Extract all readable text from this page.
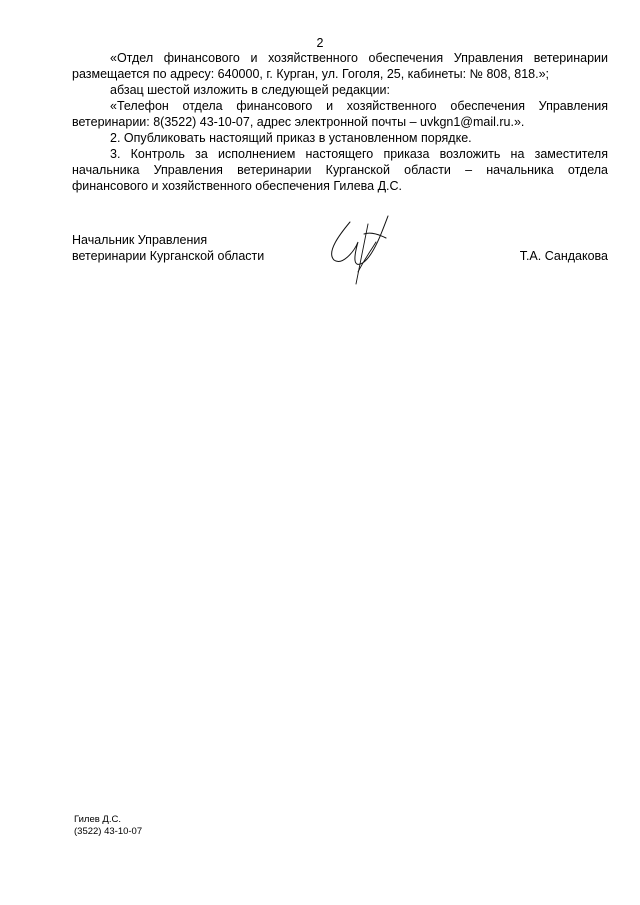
2

«Отдел финансового и хозяйственного обеспечения Управления ветеринарии размещается по адресу: 640000, г. Курган, ул. Гоголя, 25, кабинеты: № 808, 818.»;

абзац шестой изложить в следующей редакции:

«Телефон отдела финансового и хозяйственного обеспечения Управления ветеринарии: 8(3522) 43-10-07, адрес электронной почты – uvkgn1@mail.ru.».

2. Опубликовать настоящий приказ в установленном порядке.

3. Контроль за исполнением настоящего приказа возложить на заместителя начальника Управления ветеринарии Курганской области – начальника отдела финансового и хозяйственного обеспечения Гилева Д.С.

Начальник Управления
ветеринарии Курганской области	Т.А. Сандакова
Гилев Д.С.
(3522) 43-10-07
